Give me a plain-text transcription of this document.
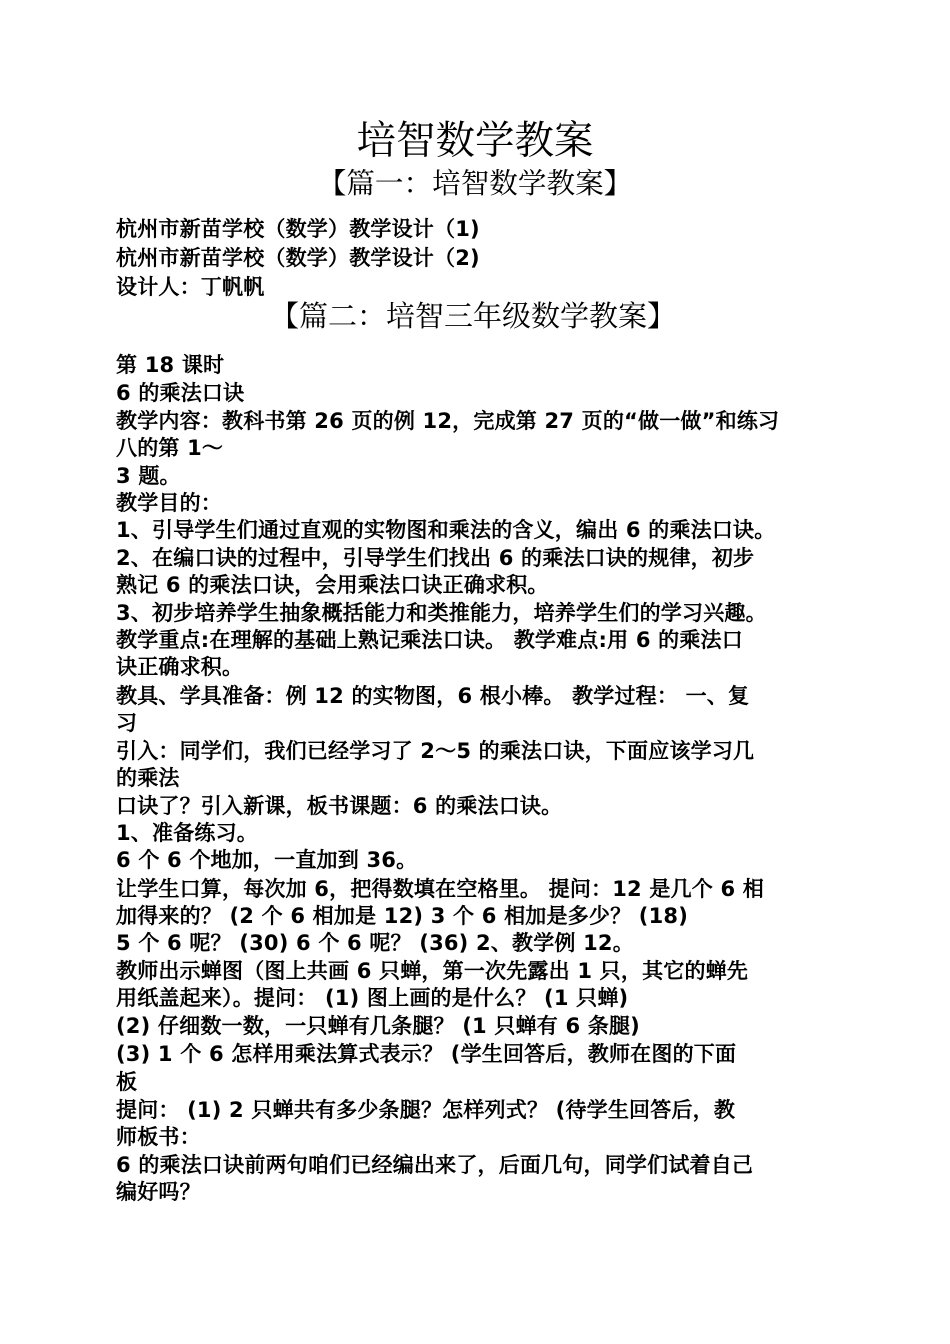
培智数学教案
【篇一：培智数学教案】
杭州市新苗学校（数学）教学设计（1)
杭州市新苗学校（数学）教学设计（2)
设计人：丁帆帆
【篇二：培智三年级数学教案】
第 18 课时
6 的乘法口诀
教学内容：教科书第 26 页的例 12，完成第 27 页的“做一做”和练习
八的第 1～
3 题。
教学目的：
1、引导学生们通过直观的实物图和乘法的含义，编出 6 的乘法口诀。
2、在编口诀的过程中，引导学生们找出 6 的乘法口诀的规律，初步
熟记 6 的乘法口诀，会用乘法口诀正确求积。
3、初步培养学生抽象概括能力和类推能力，培养学生们的学习兴趣。
教学重点:在理解的基础上熟记乘法口诀。 教学难点:用 6 的乘法口
诀正确求积。
教具、学具准备：例 12 的实物图，6 根小棒。 教学过程： 一、复
习
引入：同学们，我们已经学习了 2～5 的乘法口诀，下面应该学习几
的乘法
口诀了？引入新课，板书课题：6 的乘法口诀。
1、准备练习。
6 个 6 个地加，一直加到 36。
让学生口算，每次加 6，把得数填在空格里。 提问：12 是几个 6 相
加得来的？ (2 个 6 相加是 12) 3 个 6 相加是多少？ (18)
5 个 6 呢？ (30) 6 个 6 呢？ (36) 2、教学例 12。
教师出示蝉图（图上共画 6 只蝉，第一次先露出 1 只，其它的蝉先
用纸盖起来）。提问： (1) 图上画的是什么？ (1 只蝉)
(2) 仔细数一数，一只蝉有几条腿？ (1 只蝉有 6 条腿)
(3) 1 个 6 怎样用乘法算式表示？ (学生回答后，教师在图的下面
板
提问： (1) 2 只蝉共有多少条腿？怎样列式？ (待学生回答后，教
师板书：
6 的乘法口诀前两句咱们已经编出来了，后面几句，同学们试着自己
编好吗？
